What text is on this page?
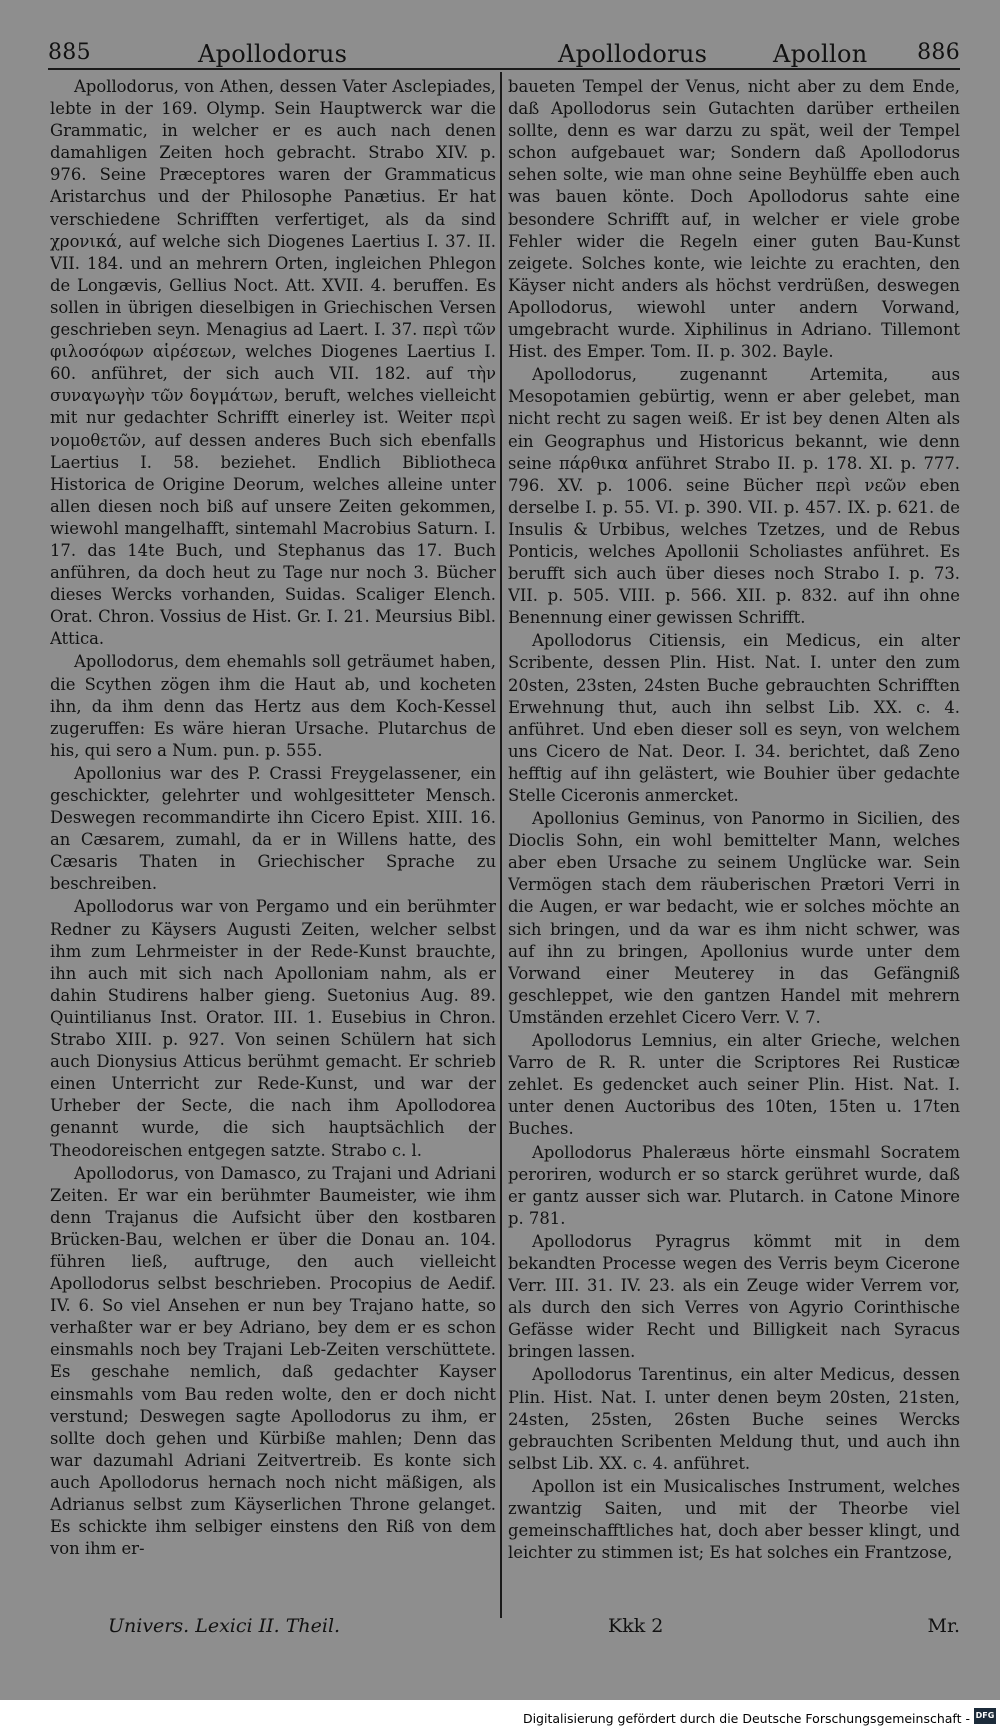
885	Apollodorus	Apollodorus	Apollon 886

Apollodorus, von Athen, dessen Vater Asclepiades, lebte in der 169. Olymp. Sein Hauptwerck war die Grammatic, in welcher er es auch nach denen damahligen Zeiten hoch gebracht. Strabo XIV. p. 976. Seine Præceptores waren der Grammaticus Aristarchus und der Philosophe Panætius. Er hat verschiedene Schrifften verfertiget, als da sind χρονικά, auf welche sich Diogenes Laertius I. 37. II. VII. 184. und an mehrern Orten, ingleichen Phlegon de Longævis, Gellius Noct. Att. XVII. 4. beruffen. Es sollen in übrigen dieselbigen in Griechischen Versen geschrieben seyn. Menagius ad Laert. I. 37. περὶ τῶν φιλοσόφων αἱρέσεων, welches Diogenes Laertius I. 60. anführet, der sich auch VII. 182. auf τὴν συναγωγὴν τῶν δογμάτων, beruft, welches vielleicht mit nur gedachter Schrifft einerley ist. Weiter περὶ νομοθετῶν, auf dessen anderes Buch sich ebenfalls Laertius I. 58. beziehet. Endlich Bibliotheca Historica de Origine Deorum, welches alleine unter allen diesen noch biß auf unsere Zeiten gekommen, wiewohl mangelhafft, sintemahl Macrobius Saturn. I. 17. das 14te Buch, und Stephanus das 17. Buch anführen, da doch heut zu Tage nur noch 3. Bücher dieses Wercks vorhanden, Suidas. Scaliger Elench. Orat. Chron. Vossius de Hist. Gr. I. 21. Meursius Bibl. Attica.

Apollodorus, dem ehemahls soll geträumet haben, die Scythen zögen ihm die Haut ab, und kocheten ihn, da ihm denn das Hertz aus dem Koch-Kessel zugeruffen: Es wäre hieran Ursache. Plutarchus de his, qui sero a Num. pun. p. 555.

Apollonius war des P. Crassi Freygelassener, ein geschickter, gelehrter und wohlgesitteter Mensch. Deswegen recommandirte ihn Cicero Epist. XIII. 16. an Cæsarem, zumahl, da er in Willens hatte, des Cæsaris Thaten in Griechischer Sprache zu beschreiben.

Apollodorus war von Pergamo und ein berühmter Redner zu Käysers Augusti Zeiten, welcher selbst ihm zum Lehrmeister in der Rede-Kunst brauchte, ihn auch mit sich nach Apolloniam nahm, als er dahin Studirens halber gieng. Suetonius Aug. 89. Quintilianus Inst. Orator. III. 1. Eusebius in Chron. Strabo XIII. p. 927. Von seinen Schülern hat sich auch Dionysius Atticus berühmt gemacht. Er schrieb einen Unterricht zur Rede-Kunst, und war der Urheber der Secte, die nach ihm Apollodorea genannt wurde, die sich hauptsächlich der Theodoreischen entgegen satzte. Strabo c. l.

Apollodorus, von Damasco, zu Trajani und Adriani Zeiten. Er war ein berühmter Baumeister, wie ihm denn Trajanus die Aufsicht über den kostbaren Brücken-Bau, welchen er über die Donau an. 104. führen ließ, auftruge, den auch vielleicht Apollodorus selbst beschrieben. Procopius de Aedif. IV. 6. So viel Ansehen er nun bey Trajano hatte, so verhaßter war er bey Adriano, bey dem er es schon einsmahls noch bey Trajani Leb-Zeiten verschüttete. Es geschahe nemlich, daß gedachter Kayser einsmahls vom Bau reden wolte, den er doch nicht verstund; Deswegen sagte Apollodorus zu ihm, er sollte doch gehen und Kürbiße mahlen; Denn das war dazumahl Adriani Zeitvertreib. Es konte sich auch Apollodorus hernach noch nicht mäßigen, als Adrianus selbst zum Käyserlichen Throne gelanget. Es schickte ihm selbiger einstens den Riß von dem von ihm er-

baueten Tempel der Venus, nicht aber zu dem Ende, daß Apollodorus sein Gutachten darüber ertheilen sollte, denn es war darzu zu spät, weil der Tempel schon aufgebauet war; Sondern daß Apollodorus sehen solte, wie man ohne seine Beyhülffe eben auch was bauen könte. Doch Apollodorus sahte eine besondere Schrifft auf, in welcher er viele grobe Fehler wider die Regeln einer guten Bau-Kunst zeigete. Solches konte, wie leichte zu erachten, den Käyser nicht anders als höchst verdrüßen, deswegen Apollodorus, wiewohl unter andern Vorwand, umgebracht wurde. Xiphilinus in Adriano. Tillemont Hist. des Emper. Tom. II. p. 302. Bayle.

Apollodorus, zugenannt Artemita, aus Mesopotamien gebürtig, wenn er aber gelebet, man nicht recht zu sagen weiß. Er ist bey denen Alten als ein Geographus und Historicus bekannt, wie denn seine πάρθικα anführet Strabo II. p. 178. XI. p. 777. 796. XV. p. 1006. seine Bücher περὶ νεῶν eben derselbe I. p. 55. VI. p. 390. VII. p. 457. IX. p. 621. de Insulis & Urbibus, welches Tzetzes, und de Rebus Ponticis, welches Apollonii Scholiastes anführet. Es berufft sich auch über dieses noch Strabo I. p. 73. VII. p. 505. VIII. p. 566. XII. p. 832. auf ihn ohne Benennung einer gewissen Schrifft.

Apollodorus Citiensis, ein Medicus, ein alter Scribente, dessen Plin. Hist. Nat. I. unter den zum 20sten, 23sten, 24sten Buche gebrauchten Schrifften Erwehnung thut, auch ihn selbst Lib. XX. c. 4. anführet. Und eben dieser soll es seyn, von welchem uns Cicero de Nat. Deor. I. 34. berichtet, daß Zeno hefftig auf ihn gelästert, wie Bouhier über gedachte Stelle Ciceronis anmercket.

Apollonius Geminus, von Panormo in Sicilien, des Dioclis Sohn, ein wohl bemittelter Mann, welches aber eben Ursache zu seinem Unglücke war. Sein Vermögen stach dem räuberischen Prætori Verri in die Augen, er war bedacht, wie er solches möchte an sich bringen, und da war es ihm nicht schwer, was auf ihn zu bringen, Apollonius wurde unter dem Vorwand einer Meuterey in das Gefängniß geschleppet, wie den gantzen Handel mit mehrern Umständen erzehlet Cicero Verr. V. 7.

Apollodorus Lemnius, ein alter Grieche, welchen Varro de R. R. unter die Scriptores Rei Rusticæ zehlet. Es gedencket auch seiner Plin. Hist. Nat. I. unter denen Auctoribus des 10ten, 15ten u. 17ten Buches.

Apollodorus Phaleræus hörte einsmahl Socratem peroriren, wodurch er so starck gerühret wurde, daß er gantz ausser sich war. Plutarch. in Catone Minore p. 781.

Apollodorus Pyragrus kömmt mit in dem bekandten Processe wegen des Verris beym Cicerone Verr. III. 31. IV. 23. als ein Zeuge wider Verrem vor, als durch den sich Verres von Agyrio Corinthische Gefässe wider Recht und Billigkeit nach Syracus bringen lassen.

Apollodorus Tarentinus, ein alter Medicus, dessen Plin. Hist. Nat. I. unter denen beym 20sten, 21sten, 24sten, 25sten, 26sten Buche seines Wercks gebrauchten Scribenten Meldung thut, und auch ihn selbst Lib. XX. c. 4. anführet.

Apollon ist ein Musicalisches Instrument, welches zwantzig Saiten, und mit der Theorbe viel gemeinschafftliches hat, doch aber besser klingt, und leichter zu stimmen ist; Es hat solches ein Frantzose,

Univers. Lexici II. Theil.	Kkk 2	Mr.
Digitalisierung gefördert durch die Deutsche Forschungsgemeinschaft - DFG
